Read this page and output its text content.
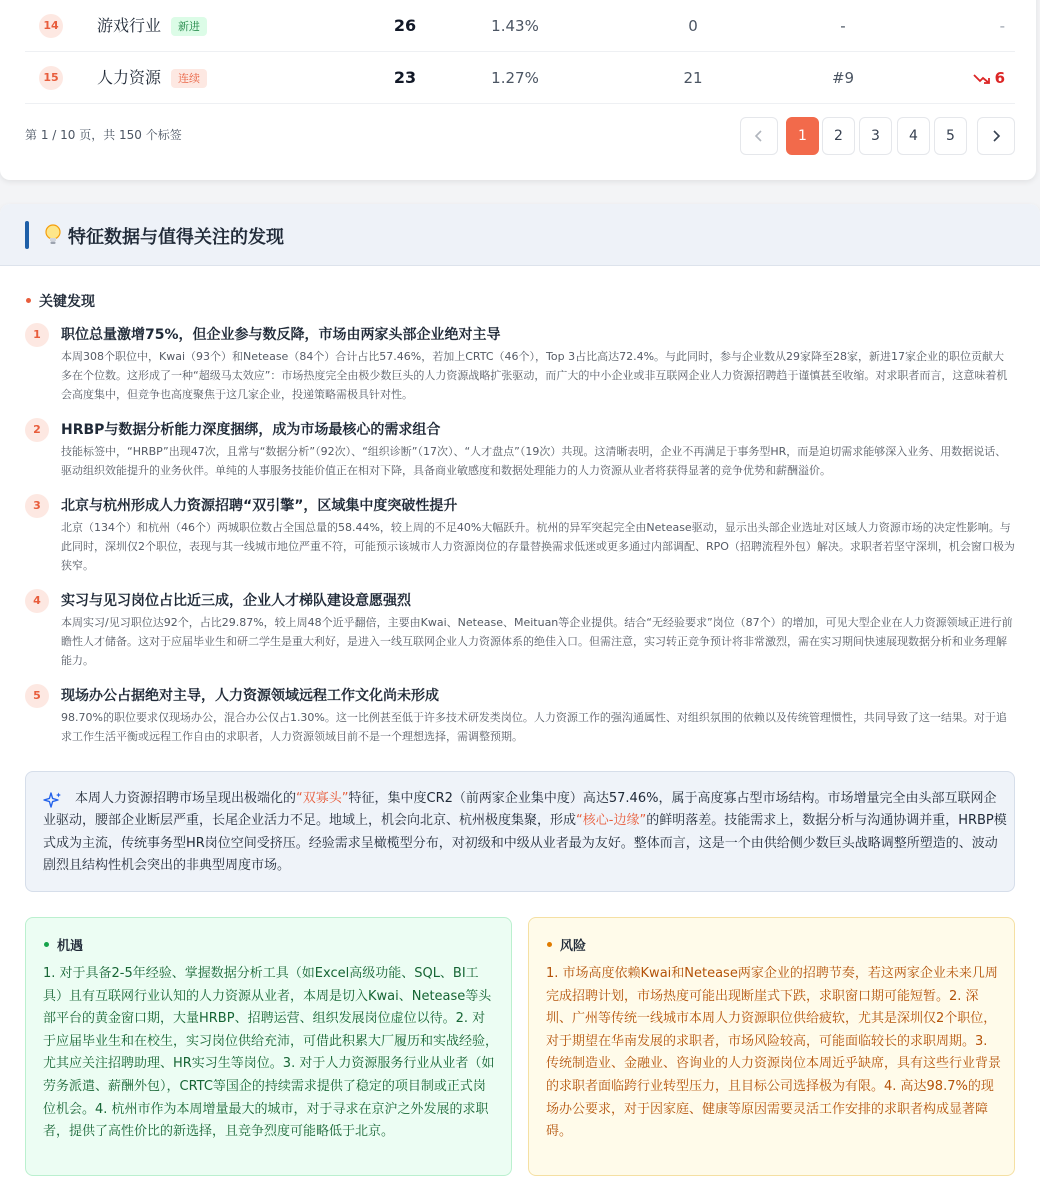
14 游戏行业	新进	26	1.43%	0	-	-
15 人力资源	连续	23	1.27%	21	#9	6
第 1 / 10 页，共 150 个标签	1	2	3	4	5
特征数据与值得关注的发现
关键发现
1	职位总量激增75%，但企业参与数反降，市场由两家头部企业绝对主导
本周308个职位中，Kwai（93个）和Netease（84个）合计占比57.46%，若加上CRTC（46个），Top 3占比高达72.4%。与此同时，参与企业数从29家降至28家，新进17家企业的职位贡献大多在个位数。这形成了一种“超级马太效应”：市场热度完全由极少数巨头的人力资源战略扩张驱动，而广大的中小企业或非互联网企业人力资源招聘趋于谨慎甚至收缩。对求职者而言，这意味着机会高度集中，但竞争也高度聚焦于这几家企业，投递策略需极具针对性。
2	HRBP与数据分析能力深度捆绑，成为市场最核心的需求组合
技能标签中，“HRBP”出现47次，且常与“数据分析”（92次）、“组织诊断”（17次）、“人才盘点”（19次）共现。这清晰表明，企业不再满足于事务型HR，而是迫切需求能够深入业务、用数据说话、驱动组织效能提升的业务伙伴。单纯的人事服务技能价值正在相对下降，具备商业敏感度和数据处理能力的人力资源从业者将获得显著的竞争优势和薪酬溢价。
3	北京与杭州形成人力资源招聘“双引擎”，区域集中度突破性提升
北京（134个）和杭州（46个）两城职位数占全国总量的58.44%，较上周的不足40%大幅跃升。杭州的异军突起完全由Netease驱动，显示出头部企业选址对区域人力资源市场的决定性影响。与此同时，深圳仅2个职位，表现与其一线城市地位严重不符，可能预示该城市人力资源岗位的存量替换需求低迷或更多通过内部调配、RPO（招聘流程外包）解决。求职者若坚守深圳，机会窗口极为狭窄。
4	实习与见习岗位占比近三成，企业人才梯队建设意愿强烈
本周实习/见习职位达92个，占比29.87%，较上周48个近乎翻倍，主要由Kwai、Netease、Meituan等企业提供。结合“无经验要求”岗位（87个）的增加，可见大型企业在人力资源领域正进行前瞻性人才储备。这对于应届毕业生和研二学生是重大利好，是进入一线互联网企业人力资源体系的绝佳入口。但需注意，实习转正竞争预计将非常激烈，需在实习期间快速展现数据分析和业务理解能力。
5	现场办公占据绝对主导，人力资源领域远程工作文化尚未形成
98.70%的职位要求仅现场办公，混合办公仅占1.30%。这一比例甚至低于许多技术研发类岗位。人力资源工作的强沟通属性、对组织氛围的依赖以及传统管理惯性，共同导致了这一结果。对于追求工作生活平衡或远程工作自由的求职者，人力资源领域目前不是一个理想选择，需调整预期。
本周人力资源招聘市场呈现出极端化的“双寡头”特征，集中度CR2（前两家企业集中度）高达57.46%，属于高度寡占型市场结构。市场增量完全由头部互联网企业驱动，腰部企业断层严重，长尾企业活力不足。地域上，机会向北京、杭州极度集聚，形成“核心-边缘”的鲜明落差。技能需求上，数据分析与沟通协调并重，HRBP模式成为主流，传统事务型HR岗位空间受挤压。经验需求呈橄榄型分布，对初级和中级从业者最为友好。整体而言，这是一个由供给侧少数巨头战略调整所塑造的、波动剧烈且结构性机会突出的非典型周度市场。
机遇
1. 对于具备2-5年经验、掌握数据分析工具（如Excel高级功能、SQL、BI工具）且有互联网行业认知的人力资源从业者，本周是切入Kwai、Netease等头部平台的黄金窗口期，大量HRBP、招聘运营、组织发展岗位虚位以待。2. 对于应届毕业生和在校生，实习岗位供给充沛，可借此积累大厂履历和实战经验，尤其应关注招聘助理、HR实习生等岗位。3. 对于人力资源服务行业从业者（如劳务派遣、薪酬外包），CRTC等国企的持续需求提供了稳定的项目制或正式岗位机会。4. 杭州市作为本周增量最大的城市，对于寻求在京沪之外发展的求职者，提供了高性价比的新选择，且竞争烈度可能略低于北京。
风险
1. 市场高度依赖Kwai和Netease两家企业的招聘节奏，若这两家企业未来几周完成招聘计划，市场热度可能出现断崖式下跌，求职窗口期可能短暂。2. 深圳、广州等传统一线城市本周人力资源职位供给疲软，尤其是深圳仅2个职位，对于期望在华南发展的求职者，市场风险较高，可能面临较长的求职周期。3. 传统制造业、金融业、咨询业的人力资源岗位本周近乎缺席，具有这些行业背景的求职者面临跨行业转型压力，且目标公司选择极为有限。4. 高达98.7%的现场办公要求，对于因家庭、健康等原因需要灵活工作安排的求职者构成显著障碍。
